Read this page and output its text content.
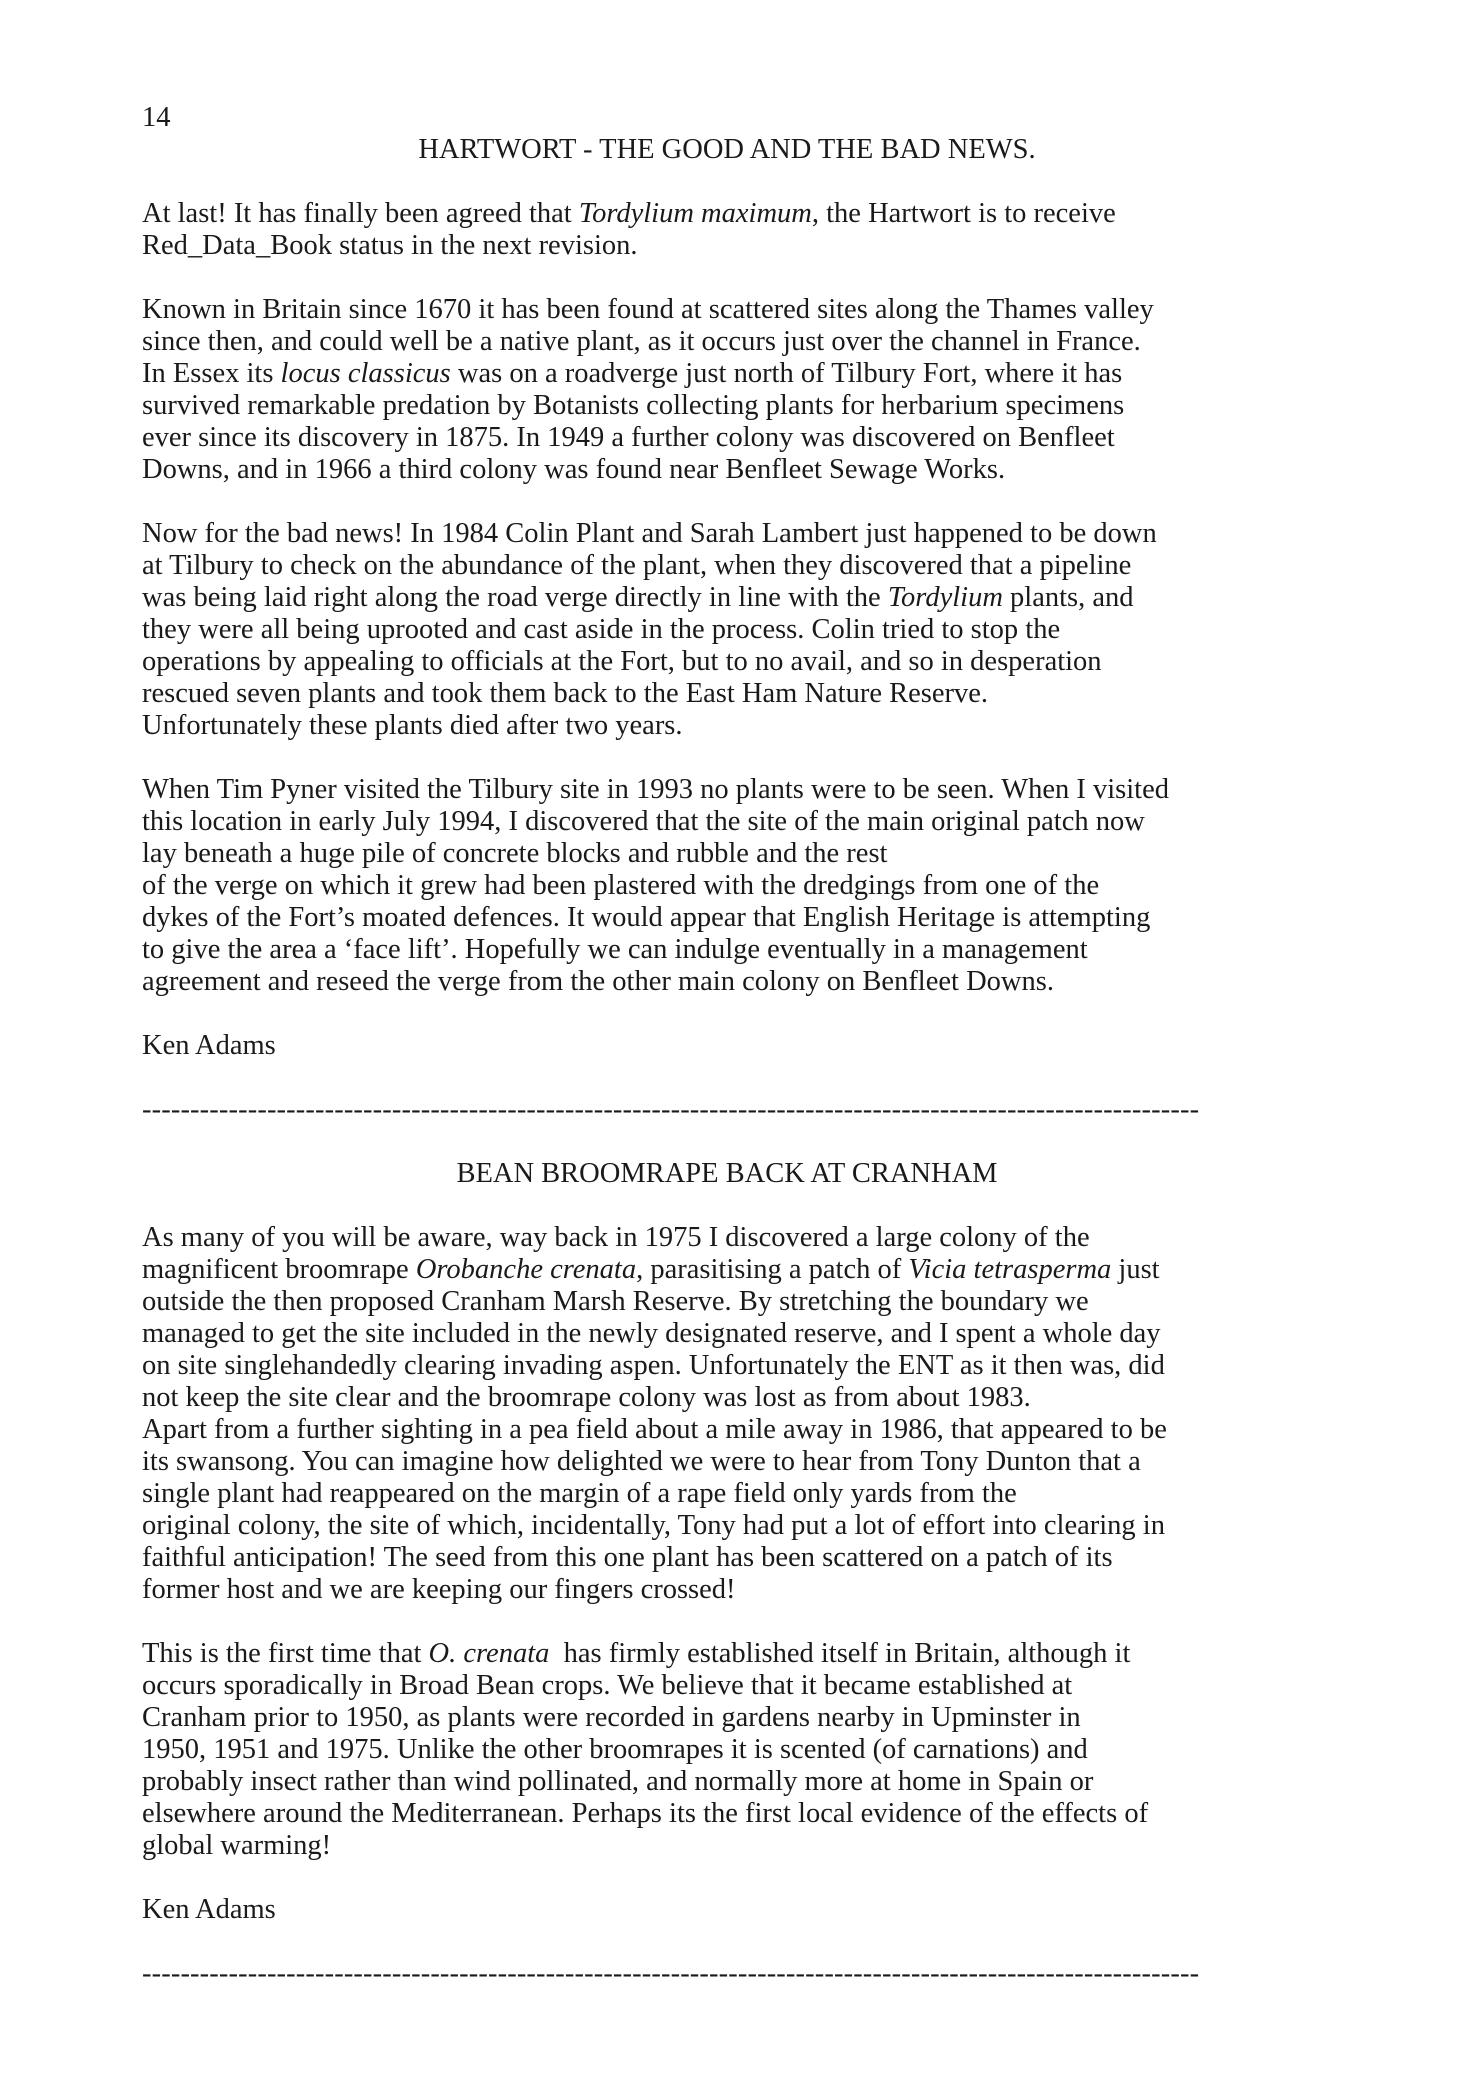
14
HARTWORT - THE GOOD AND THE BAD NEWS.
At last! It has finally been agreed that Tordylium maximum, the Hartwort is to receive
Red_Data_Book status in the next revision.
Known in Britain since 1670 it has been found at scattered sites along the Thames valley
since then, and could well be a native plant, as it occurs just over the channel in France.
In Essex its locus classicus was on a roadverge just north of Tilbury Fort, where it has
survived remarkable predation by Botanists collecting plants for herbarium specimens
ever since its discovery in 1875. In 1949 a further colony was discovered on Benfleet
Downs, and in 1966 a third colony was found near Benfleet Sewage Works.
Now for the bad news! In 1984 Colin Plant and Sarah Lambert just happened to be down
at Tilbury to check on the abundance of the plant, when they discovered that a pipeline
was being laid right along the road verge directly in line with the Tordylium plants, and
they were all being uprooted and cast aside in the process. Colin tried to stop the
operations by appealing to officials at the Fort, but to no avail, and so in desperation
rescued seven plants and took them back to the East Ham Nature Reserve.
Unfortunately these plants died after two years.
When Tim Pyner visited the Tilbury site in 1993 no plants were to be seen. When I visited
this location in early July 1994, I discovered that the site of the main original patch now
lay beneath a huge pile of concrete blocks and rubble and the rest
of the verge on which it grew had been plastered with the dredgings from one of the
dykes of the Fort’s moated defences. It would appear that English Heritage is attempting
to give the area a ‘face lift’. Hopefully we can indulge eventually in a management
agreement and reseed the verge from the other main colony on Benfleet Downs.
Ken Adams
--------------------------------------------------------------------------------------------------------------
BEAN BROOMRAPE BACK AT CRANHAM
As many of you will be aware, way back in 1975 I discovered a large colony of the
magnificent broomrape Orobanche crenata, parasitising a patch of Vicia tetrasperma just
outside the then proposed Cranham Marsh Reserve. By stretching the boundary we
managed to get the site included in the newly designated reserve, and I spent a whole day
on site singlehandedly clearing invading aspen. Unfortunately the ENT as it then was, did
not keep the site clear and the broomrape colony was lost as from about 1983.
Apart from a further sighting in a pea field about a mile away in 1986, that appeared to be
its swansong. You can imagine how delighted we were to hear from Tony Dunton that a
single plant had reappeared on the margin of a rape field only yards from the
original colony, the site of which, incidentally, Tony had put a lot of effort into clearing in
faithful anticipation! The seed from this one plant has been scattered on a patch of its
former host and we are keeping our fingers crossed!
This is the first time that O. crenata  has firmly established itself in Britain, although it
occurs sporadically in Broad Bean crops. We believe that it became established at
Cranham prior to 1950, as plants were recorded in gardens nearby in Upminster in
1950, 1951 and 1975. Unlike the other broomrapes it is scented (of carnations) and
probably insect rather than wind pollinated, and normally more at home in Spain or
elsewhere around the Mediterranean. Perhaps its the first local evidence of the effects of
global warming!
Ken Adams
--------------------------------------------------------------------------------------------------------------
